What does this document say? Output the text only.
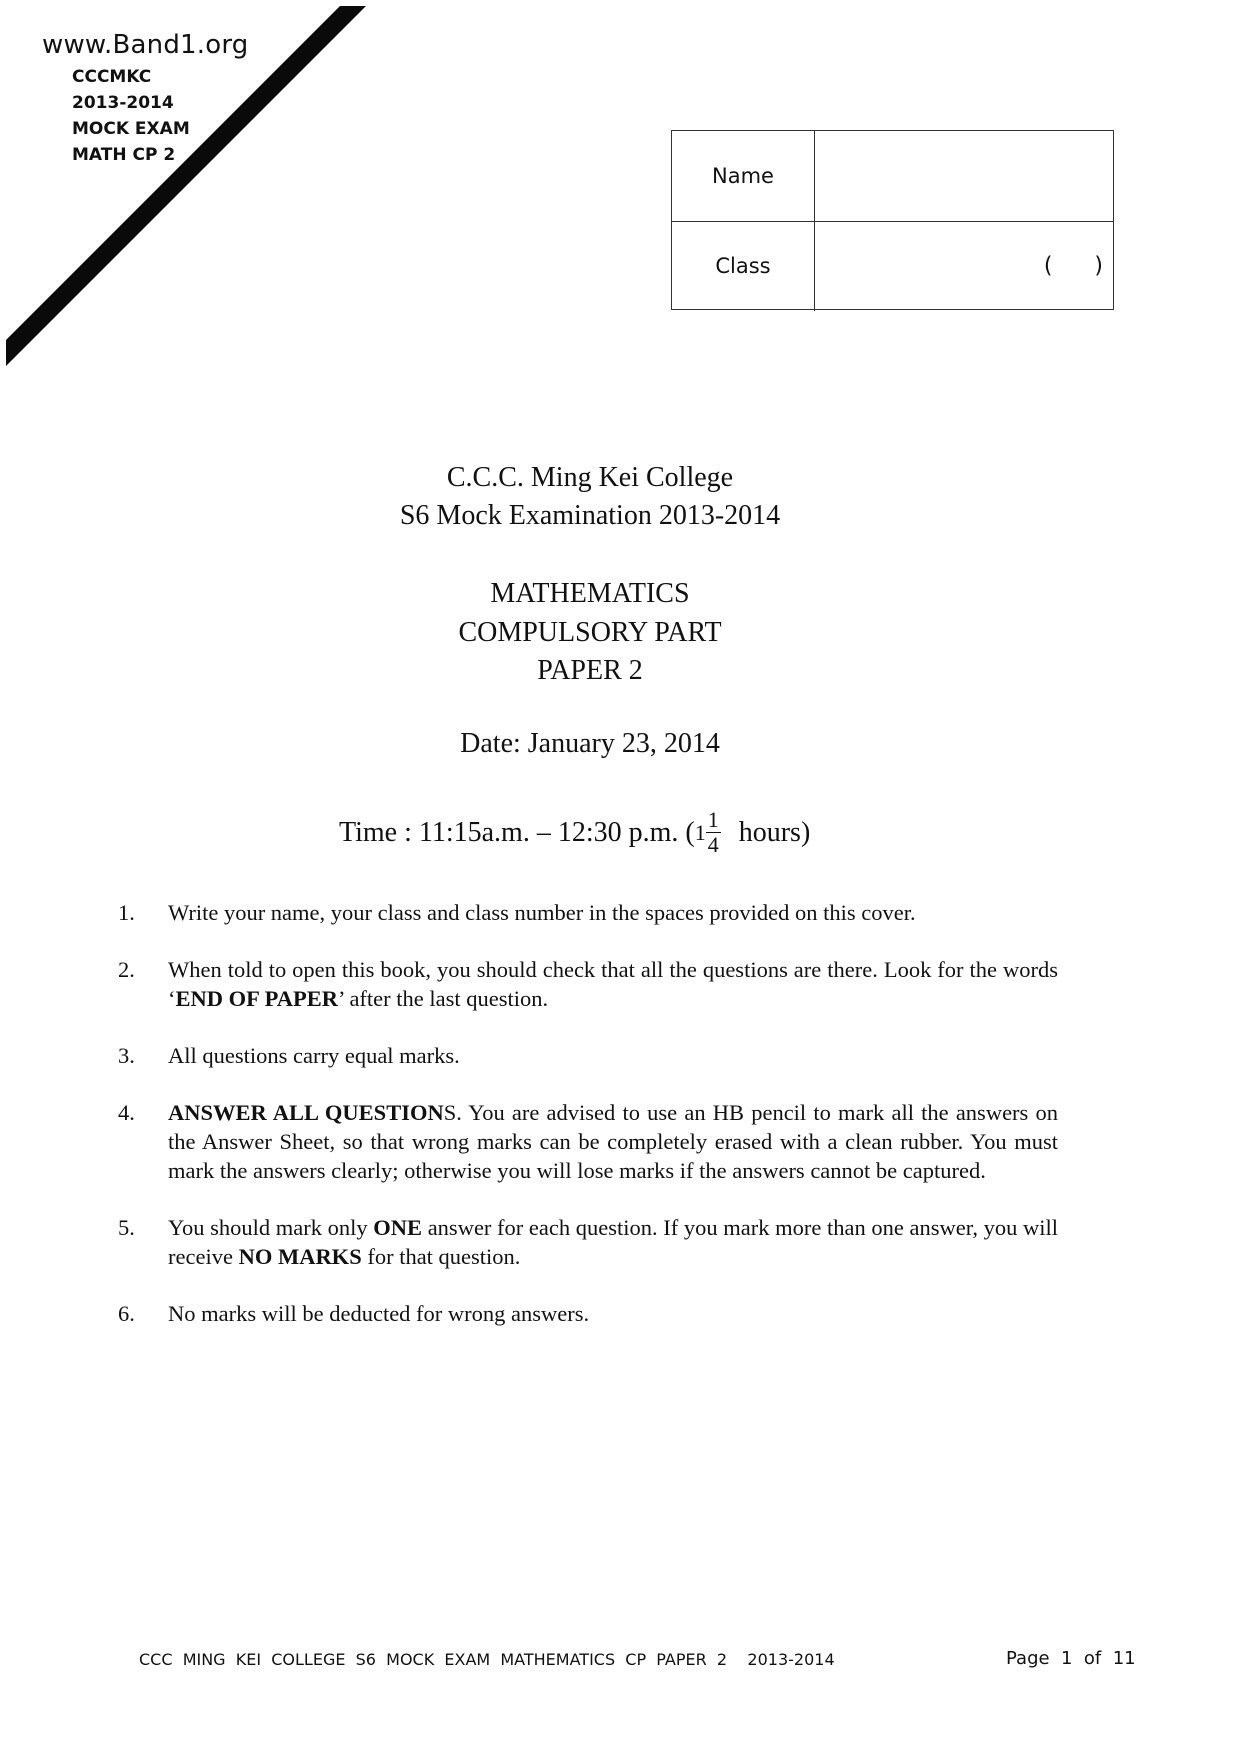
www.Band1.org
CCCMKC
2013-2014
MOCK EXAM
MATH CP 2
Name
Class	(      )
C.C.C. Ming Kei College
S6 Mock Examination 2013-2014
MATHEMATICS
COMPULSORY PART
PAPER 2
Date: January 23, 2014
Time : 11:15a.m. – 12:30 p.m. ( $1 \frac{1}{4}$ hours)
1. Write your name, your class and class number in the spaces provided on this cover.
2. When told to open this book, you should check that all the questions are there. Look for the words ‘END OF PAPER’ after the last question.
3. All questions carry equal marks.
4. ANSWER ALL QUESTIONS. You are advised to use an HB pencil to mark all the answers on the Answer Sheet, so that wrong marks can be completely erased with a clean rubber. You must mark the answers clearly; otherwise you will lose marks if the answers cannot be captured.
5. You should mark only ONE answer for each question. If you mark more than one answer, you will receive NO MARKS for that question.
6. No marks will be deducted for wrong answers.
CCC  MING  KEI  COLLEGE  S6  MOCK  EXAM  MATHEMATICS  CP  PAPER  2    2013-2014	Page  1  of  11
